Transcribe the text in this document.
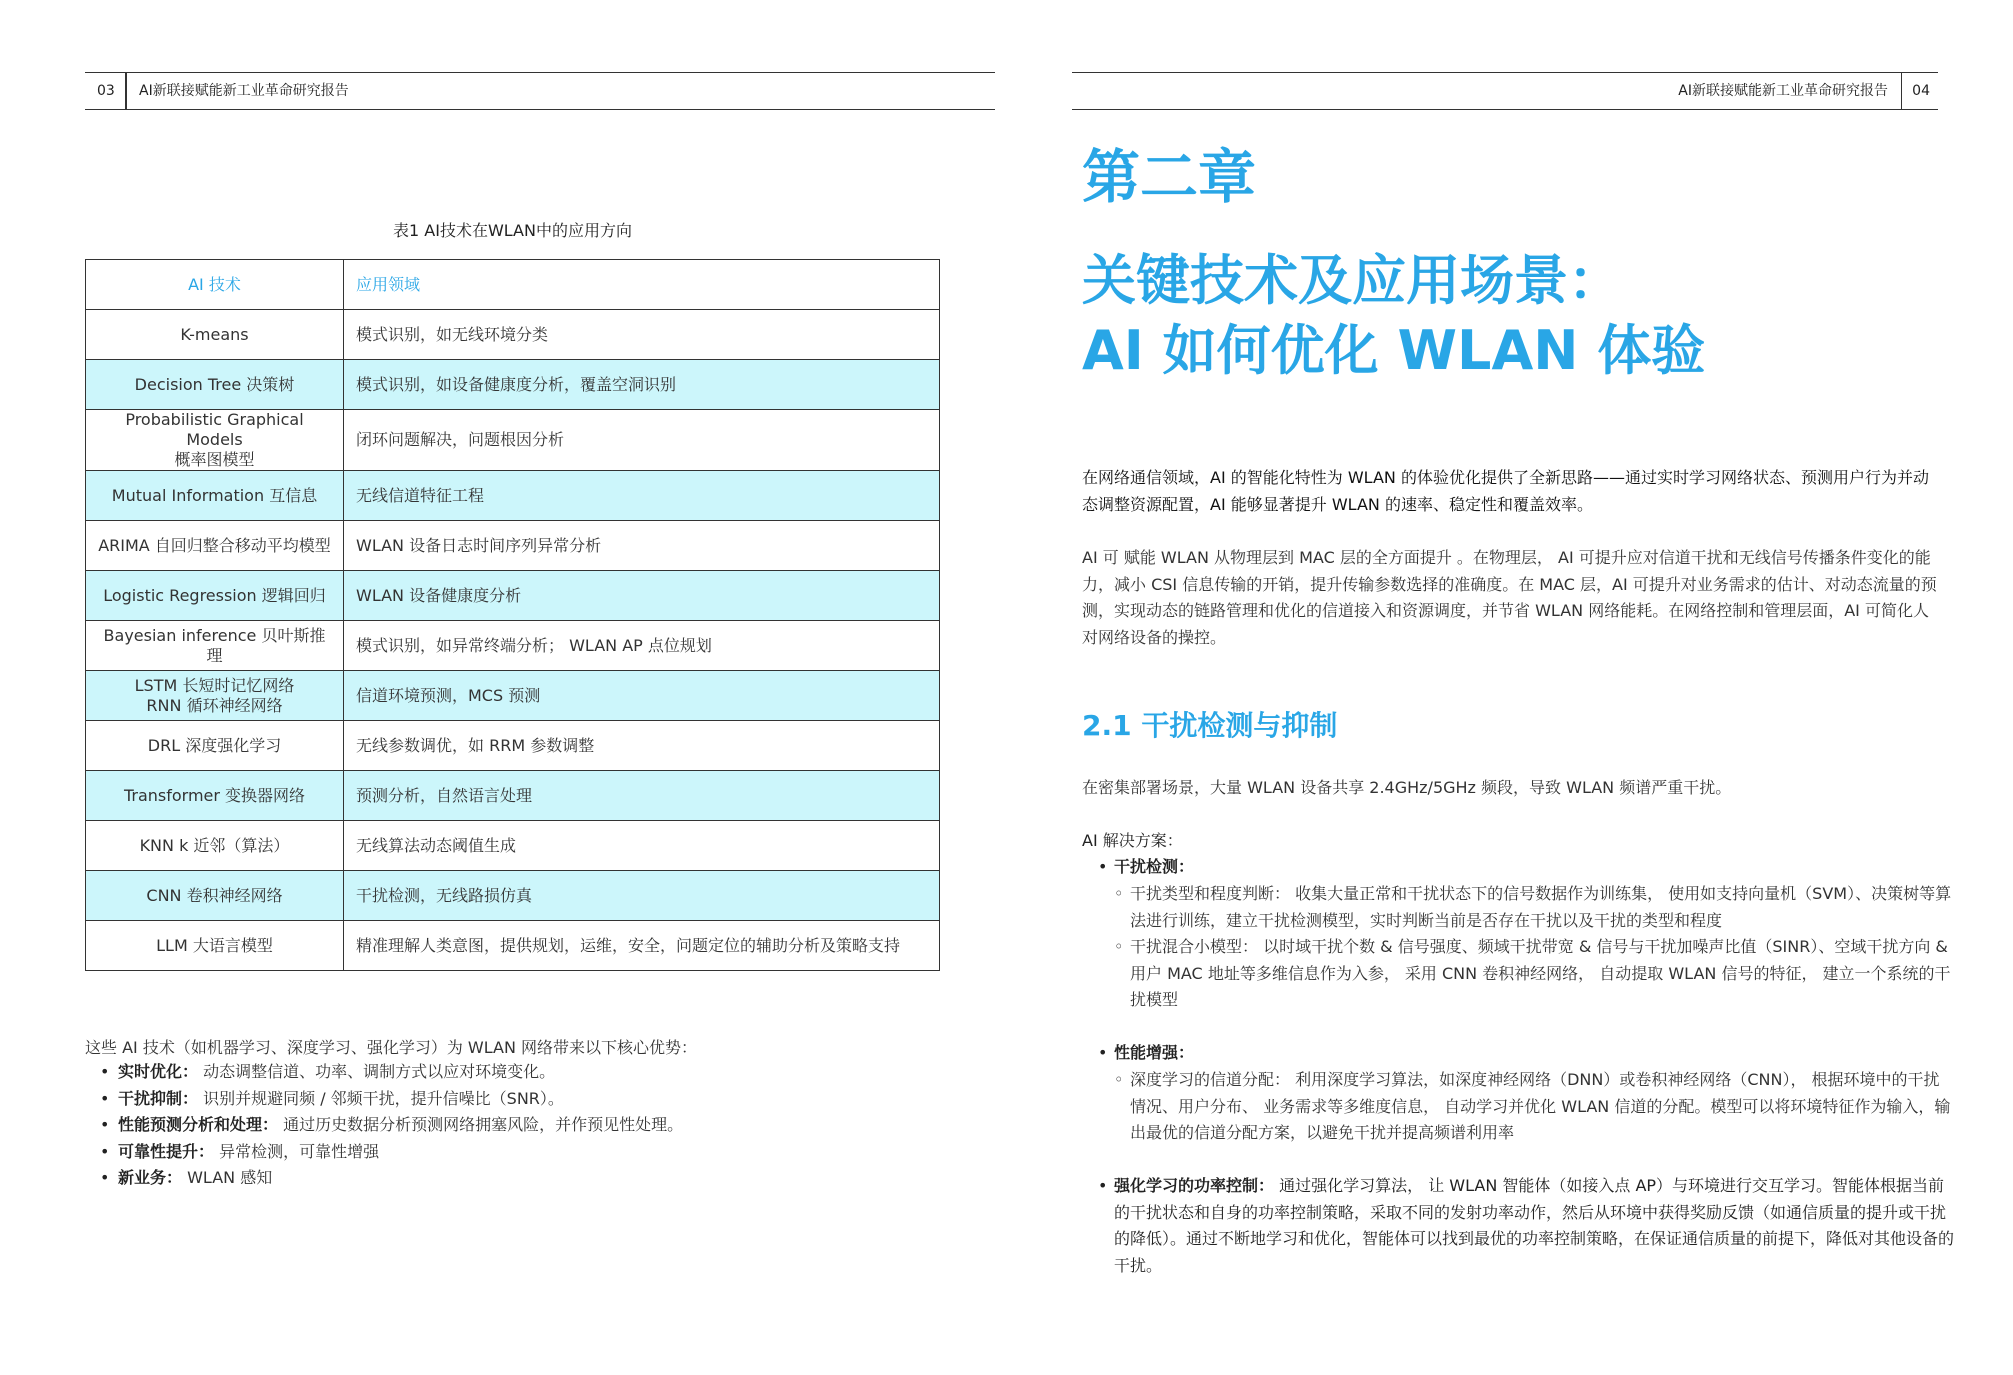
03 AI新联接赋能新工业革命研究报告	AI新联接赋能新工业革命研究报告 04
表1 AI技术在WLAN中的应用方向
AI 技术	应用领域
K-means	模式识别，如无线环境分类
Decision Tree 决策树	模式识别，如设备健康度分析，覆盖空洞识别

Probabilistic Graphical Models
概率图模型	闭环问题解决，问题根因分析
Mutual Information 互信息	无线信道特征工程
ARIMA 自回归整合移动平均模型	WLAN 设备日志时间序列异常分析
Logistic Regression 逻辑回归	WLAN 设备健康度分析
Bayesian inference 贝叶斯推理	模式识别，如异常终端分析； WLAN AP 点位规划

LSTM 长短时记忆网络
RNN 循环神经网络	信道环境预测，MCS 预测
DRL 深度强化学习	无线参数调优，如 RRM 参数调整
Transformer 变换器网络	预测分析，自然语言处理
KNN k 近邻（算法）	无线算法动态阈值生成
CNN 卷积神经网络	干扰检测，无线路损仿真
LLM 大语言模型	精准理解人类意图，提供规划，运维，安全，问题定位的辅助分析及策略支持
这些 AI 技术（如机器学习、深度学习、强化学习）为 WLAN 网络带来以下核心优势：
• 实时优化： 动态调整信道、功率、调制方式以应对环境变化。
• 干扰抑制： 识别并规避同频 / 邻频干扰，提升信噪比（SNR）。
• 性能预测分析和处理： 通过历史数据分析预测网络拥塞风险，并作预见性处理。
• 可靠性提升： 异常检测，可靠性增强
• 新业务： WLAN 感知
第二章
关键技术及应用场景：
AI 如何优化 WLAN 体验
在网络通信领域，AI 的智能化特性为 WLAN 的体验优化提供了全新思路——通过实时学习网络状态、预测用户行为并动态调整资源配置，AI 能够显著提升 WLAN 的速率、稳定性和覆盖效率。
AI 可 赋能 WLAN 从物理层到 MAC 层的全方面提升 。在物理层， AI 可提升应对信道干扰和无线信号传播条件变化的能力，减小 CSI 信息传输的开销，提升传输参数选择的准确度。在 MAC 层，AI 可提升对业务需求的估计、对动态流量的预测，实现动态的链路管理和优化的信道接入和资源调度，并节省 WLAN 网络能耗。在网络控制和管理层面，AI 可简化人对网络设备的操控。
2.1 干扰检测与抑制
在密集部署场景，大量 WLAN 设备共享 2.4GHz/5GHz 频段，导致 WLAN 频谱严重干扰。
AI 解决方案：
• 干扰检测：
◦ 干扰类型和程度判断： 收集大量正常和干扰状态下的信号数据作为训练集， 使用如支持向量机（SVM）、决策树等算法进行训练，建立干扰检测模型，实时判断当前是否存在干扰以及干扰的类型和程度
◦ 干扰混合小模型： 以时域干扰个数 & 信号强度、频域干扰带宽 & 信号与干扰加噪声比值（SINR）、空域干扰方向 & 用户 MAC 地址等多维信息作为入参， 采用 CNN 卷积神经网络， 自动提取 WLAN 信号的特征， 建立一个系统的干扰模型
• 性能增强：
◦ 深度学习的信道分配： 利用深度学习算法，如深度神经网络（DNN）或卷积神经网络（CNN）， 根据环境中的干扰情况、用户分布、 业务需求等多维度信息， 自动学习并优化 WLAN 信道的分配。模型可以将环境特征作为输入，输出最优的信道分配方案，以避免干扰并提高频谱利用率
• 强化学习的功率控制： 通过强化学习算法， 让 WLAN 智能体（如接入点 AP）与环境进行交互学习。智能体根据当前的干扰状态和自身的功率控制策略，采取不同的发射功率动作，然后从环境中获得奖励反馈（如通信质量的提升或干扰的降低）。通过不断地学习和优化，智能体可以找到最优的功率控制策略，在保证通信质量的前提下，降低对其他设备的干扰。
